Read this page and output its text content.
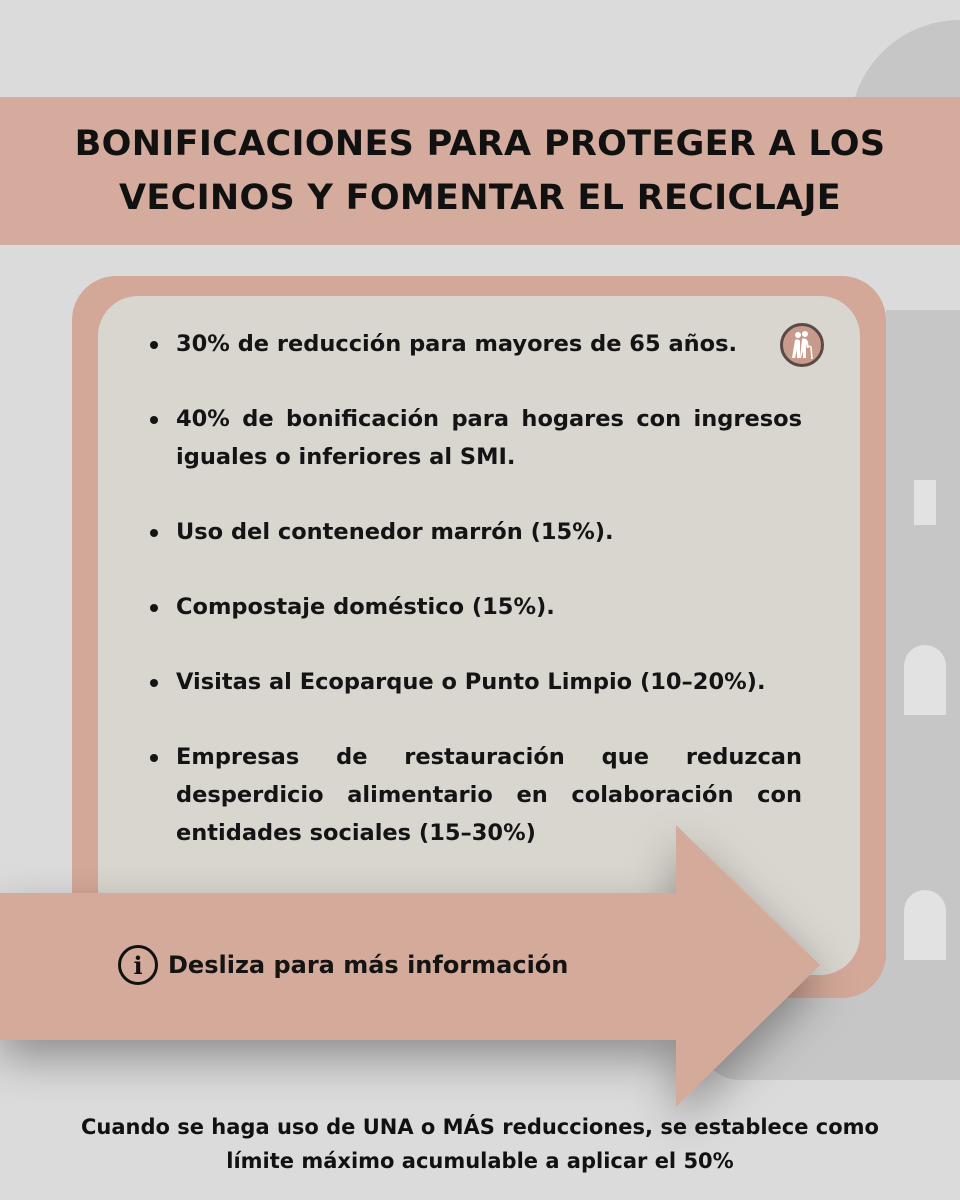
BONIFICACIONES PARA PROTEGER A LOS
VECINOS Y FOMENTAR EL RECICLAJE
30% de reducción para mayores de 65 años.
40% de bonificación para hogares con ingresos iguales o inferiores al SMI.
Uso del contenedor marrón (15%).
Compostaje doméstico (15%).
Visitas al Ecoparque o Punto Limpio (10–20%).
Empresas de restauración que reduzcan desperdicio alimentario en colaboración con entidades sociales (15–30%)
i	Desliza para más información

Cuando se haga uso de UNA o MÁS reducciones, se establece como
límite máximo acumulable a aplicar el 50%
